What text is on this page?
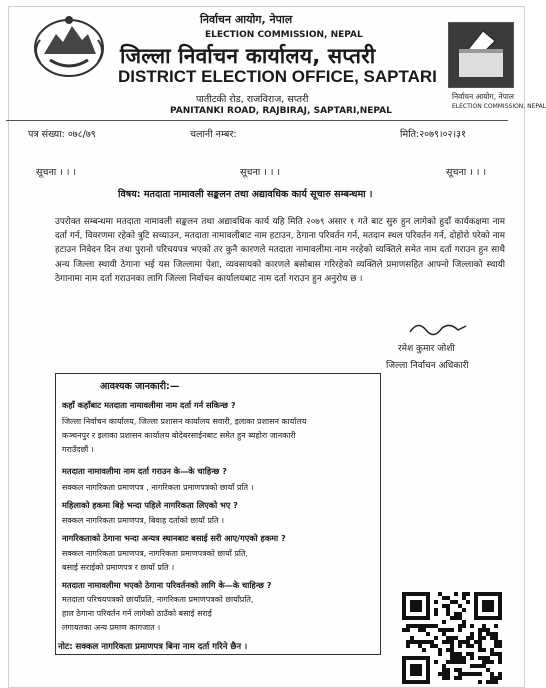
निर्वाचन आयोग, नेपाल
ELECTION COMMISSION, NEPAL
जिल्ला निर्वाचन कार्यालय, सप्तरी
DISTRICT ELECTION OFFICE, SAPTARI
पातीटकी रोड, राजविराज, सप्तरी
PANITANKI ROAD, RAJBIRAJ, SAPTARI,NEPAL
निर्वाचन आयोग, नेपाल
ELECTION COMMISSION, NEPAL
पत्र संख्या: ०७८/७९	चलानी नम्बर:	मिति:२०७९।०२।३१
सूचना । । ।	सूचना । । ।	सूचना । । ।
विषय: मतदाता नामावली सङ्कलन तथा अद्यावधिक कार्य सूचारु सम्बन्धमा ।

उपरोक्त सम्बन्धमा मतदाता नामावली सङ्कलन तथा अद्यावधिक कार्य यहि मिति २०७९ असार १ गते बाट सुरु हुन लागेको हुदाँ कार्यकक्षमा नाम दर्ता गर्न, विवरणमा रहेको त्रुटि सच्याउन, मतदाता नामावलीबाट नाम हटाउन, ठेगाना परिवर्तन गर्न, मतदान स्थल परिवर्तन गर्न, दोहोरो परेको नाम हटाउन निवेदन दिन तथा पुरानो परिचयपत्र भएको तर कुनै कारणले मतदाता नामावलीमा नाम नरहेको व्यक्तिले समेत नाम दर्ता गराउन हुन साथै अन्य जिल्ला स्थायी ठेगाना भई यस जिल्लामा पेशा, व्यवसायको कारणले बसोबास गरिरहेको व्यक्तिले प्रमाणसहित आफ्नो जिल्लाको स्थायी ठेगानामा नाम दर्ता गराउनका लागि जिल्ला निर्वाचन कार्यालयबाट नाम दर्ता गराउन हुन अनुरोध छ ।

रमेश कुमार जोशी
जिल्ला निर्वाचन अधिकारी
आवश्यक जानकारी:—
कहाँ कहाँबाट मतदाता नामावलीमा नाम दर्ता गर्न सकिन्छ ?
जिल्ला निर्वाचन कार्यालय, जिल्ला प्रशासन कार्यालय सवारी, इलाका प्रशासन कार्यालय
कञ्चनपुर र इलाका प्रशासन कार्यालय बोदेबरसाईनबाट समेत हुन ब्यहोरा जानकारी
गराउँदछौं ।
मतदाता नामावलीमा नाम दर्ता गराउन के—के चाहिन्छ ?
सक्कल नागरिकता प्रमाणपत्र , नागरिकता प्रमाणपत्रको छायाँ प्रति ।
महिलाको हकमा बिहे भन्दा पहिले नागरिकता लिएको भए ?
सक्कल नागरिकता प्रमाणपत्र, बिवाह दर्ताको छायाँ प्रति ।
नागरिकताको ठेगाना भन्दा अन्यत्र स्थानबाट बसाई सरी आए/गएको हकमा ?
सक्कल नागरिकता प्रमाणपत्र, नागरिकता प्रमाणपत्रको छायाँ प्रति,
बसाई सराईको प्रमाणपत्र र छायाँ प्रति ।
मतदाता नामावलीमा भएको ठेगाना परिवर्तनको लागि के—के चाहिन्छ ?
मतदाता परिचयपत्रको छायाँप्रति, नागरिकता प्रमाणपत्रको छायाँप्रति,
हाल ठेगाना परिवर्तन गर्न लागेको ठाउँको बसाई सराई
लगायतका अन्य प्रमाण कागजात ।
नोट: सक्कल नागरिकता प्रमाणपत्र बिना नाम दर्ता गरिने छैन ।
